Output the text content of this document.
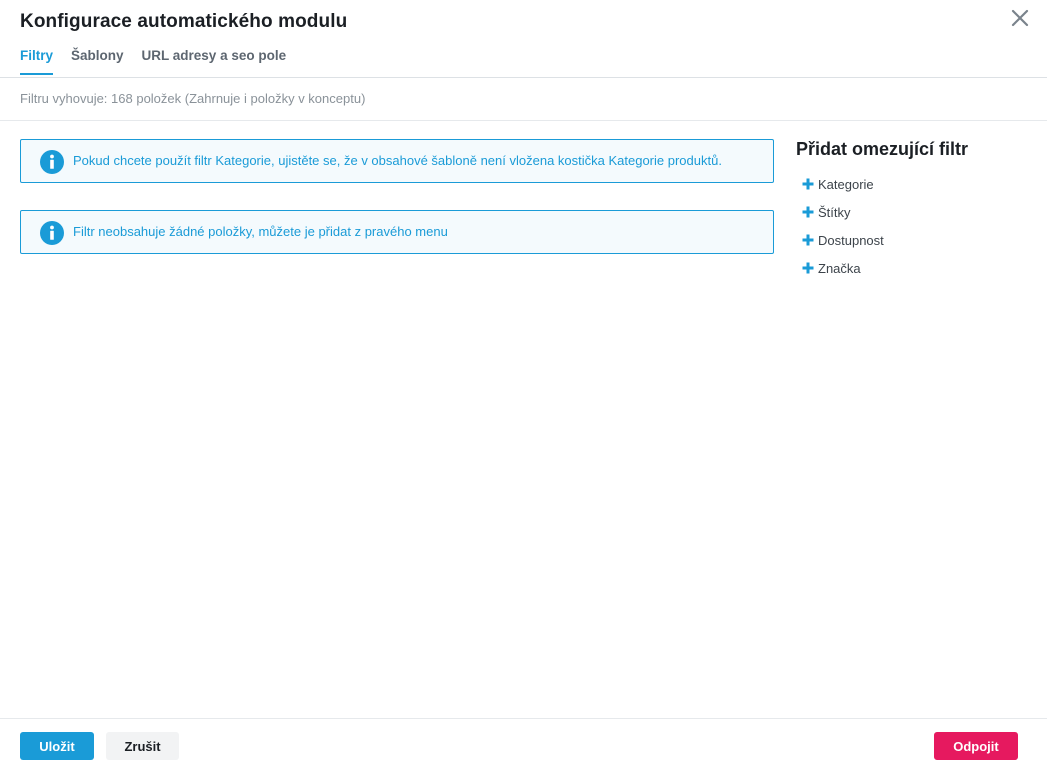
Konfigurace automatického modulu
Filtry Šablony URL adresy a seo pole
Filtru vyhovuje: 168 položek (Zahrnuje i položky v konceptu)
Pokud chcete použít filtr Kategorie, ujistěte se, že v obsahové šabloně není vložena kostička Kategorie produktů.
Filtr neobsahuje žádné položky, můžete je přidat z pravého menu
Přidat omezující filtr
Kategorie
Štítky
Dostupnost
Značka
Uložit	Zrušit	Odpojit
